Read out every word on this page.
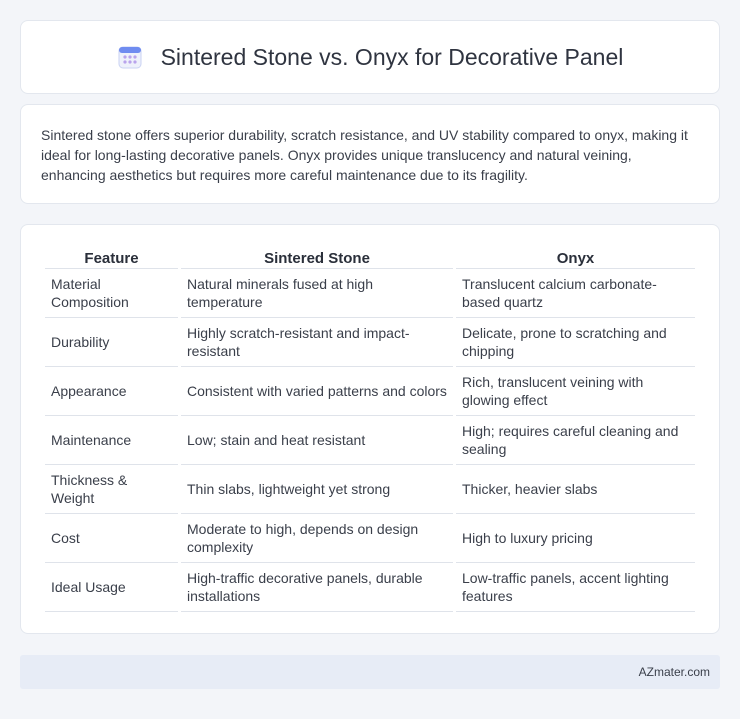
Sintered Stone vs. Onyx for Decorative Panel

Sintered stone offers superior durability, scratch resistance, and UV stability compared to onyx, making it ideal for long-lasting decorative panels. Onyx provides unique translucency and natural veining, enhancing aesthetics but requires more careful maintenance due to its fragility.

Feature	Sintered Stone	Onyx
Material Composition	Natural minerals fused at high temperature	Translucent calcium carbonate-based quartz
Durability	Highly scratch-resistant and impact-resistant	Delicate, prone to scratching and chipping
Appearance	Consistent with varied patterns and colors	Rich, translucent veining with glowing effect
Maintenance	Low; stain and heat resistant	High; requires careful cleaning and sealing
Thickness & Weight	Thin slabs, lightweight yet strong	Thicker, heavier slabs
Cost	Moderate to high, depends on design complexity	High to luxury pricing
Ideal Usage	High-traffic decorative panels, durable installations	Low-traffic panels, accent lighting features
AZmater.com
